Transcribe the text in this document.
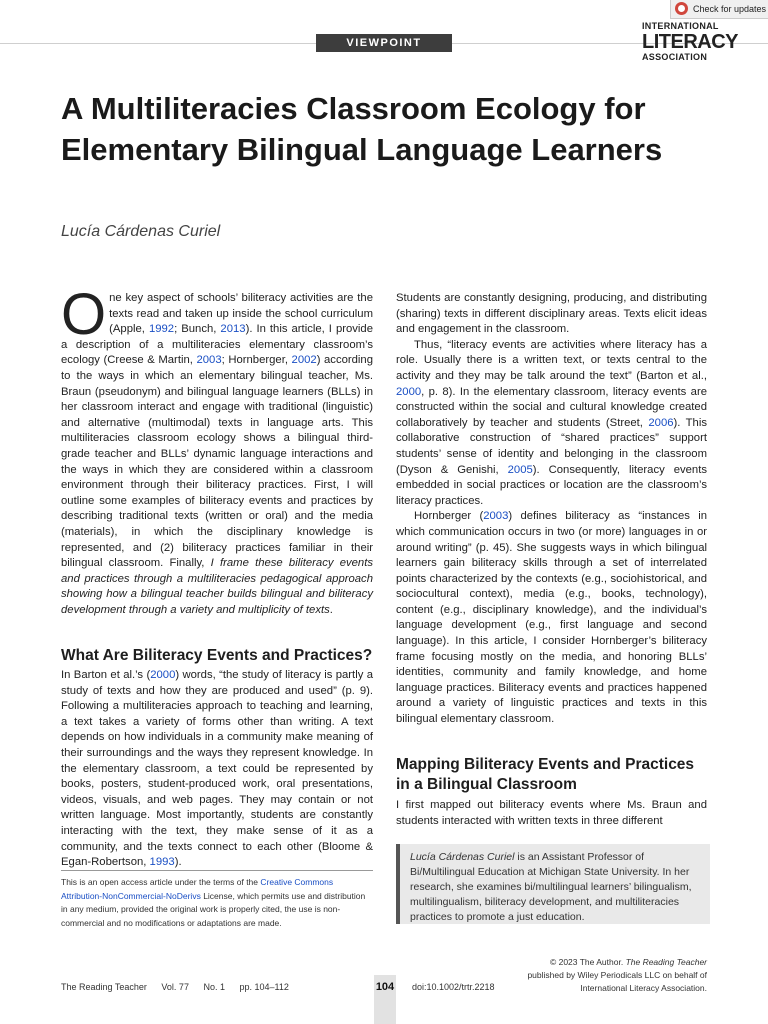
VIEWPOINT
Check for updates
INTERNATIONAL
LITERACY
ASSOCIATION
A Multiliteracies Classroom Ecology for Elementary Bilingual Language Learners
Lucía Cárdenas Curiel

One key aspect of schools’ biliteracy activities are the texts read and taken up inside the school curriculum (Apple, 1992; Bunch, 2013). In this article, I provide a description of a multiliteracies elementary classroom’s ecology (Creese & Martin, 2003; Hornberger, 2002) according to the ways in which an elementary bilingual teacher, Ms. Braun (pseudonym) and bilingual language learners (BLLs) in her classroom interact and engage with traditional (linguistic) and alternative (multimodal) texts in language arts. This multiliteracies classroom ecology shows a bilingual third-grade teacher and BLLs’ dynamic language interactions and the ways in which they are considered within a classroom environment through their biliteracy practices. First, I will outline some examples of biliteracy events and practices by describing traditional texts (written or oral) and the media (materials), in which the disciplinary knowledge is represented, and (2) biliteracy practices familiar in their bilingual classroom. Finally, I frame these biliteracy events and practices through a multiliteracies pedagogical approach showing how a bilingual teacher builds bilingual and biliteracy development through a variety and multiplicity of texts.

What Are Biliteracy Events and Practices?

In Barton et al.’s (2000) words, “the study of literacy is partly a study of texts and how they are produced and used” (p. 9). Following a multiliteracies approach to teaching and learning, a text takes a variety of forms other than writing. A text depends on how individuals in a community make meaning of their surroundings and the ways they represent knowledge. In the elementary classroom, a text could be represented by books, posters, student-produced work, oral presentations, videos, visuals, and web pages. They may contain or not written language. Most importantly, students are constantly interacting with the text, they make sense of it as a community, and the texts connect to each other (Bloome & Egan-Robertson, 1993).

This is an open access article under the terms of the Creative Commons Attribution-NonCommercial-NoDerivs License, which permits use and distribution in any medium, provided the original work is properly cited, the use is non-commercial and no modifications or adaptations are made.

Students are constantly designing, producing, and distributing (sharing) texts in different disciplinary areas. Texts elicit ideas and engagement in the classroom.

Thus, “literacy events are activities where literacy has a role. Usually there is a written text, or texts central to the activity and they may be talk around the text” (Barton et al., 2000, p. 8). In the elementary classroom, literacy events are constructed within the social and cultural knowledge created collaboratively by teacher and students (Street, 2006). This collaborative construction of “shared practices” support students’ sense of identity and belonging in the classroom (Dyson & Genishi, 2005). Consequently, literacy events embedded in social practices or location are the classroom’s literacy practices.

Hornberger (2003) defines biliteracy as “instances in which communication occurs in two (or more) languages in or around writing” (p. 45). She suggests ways in which bilingual learners gain biliteracy skills through a set of interrelated points characterized by the contexts (e.g., sociohistorical, and sociocultural context), media (e.g., books, technology), content (e.g., disciplinary knowledge), and the individual’s language development (e.g., first language and second language). In this article, I consider Hornberger’s biliteracy frame focusing mostly on the media, and honoring BLLs’ identities, community and family knowledge, and home language practices. Biliteracy events and practices happened around a variety of linguistic practices and texts in this bilingual elementary classroom.

Mapping Biliteracy Events and Practices in a Bilingual Classroom

I first mapped out biliteracy events where Ms. Braun and students interacted with written texts in three different

Lucía Cárdenas Curiel is an Assistant Professor of Bi/Multilingual Education at Michigan State University. In her research, she examines bi/multilingual learners’ bilingualism, multilingualism, biliteracy development, and multiliteracies practices to promote a just education.

© 2023 The Author. The Reading Teacher published by Wiley Periodicals LLC on behalf of International Literacy Association.

The Reading Teacher Vol. 77 No. 1 pp. 104–112	104 doi:10.1002/trtr.2218
